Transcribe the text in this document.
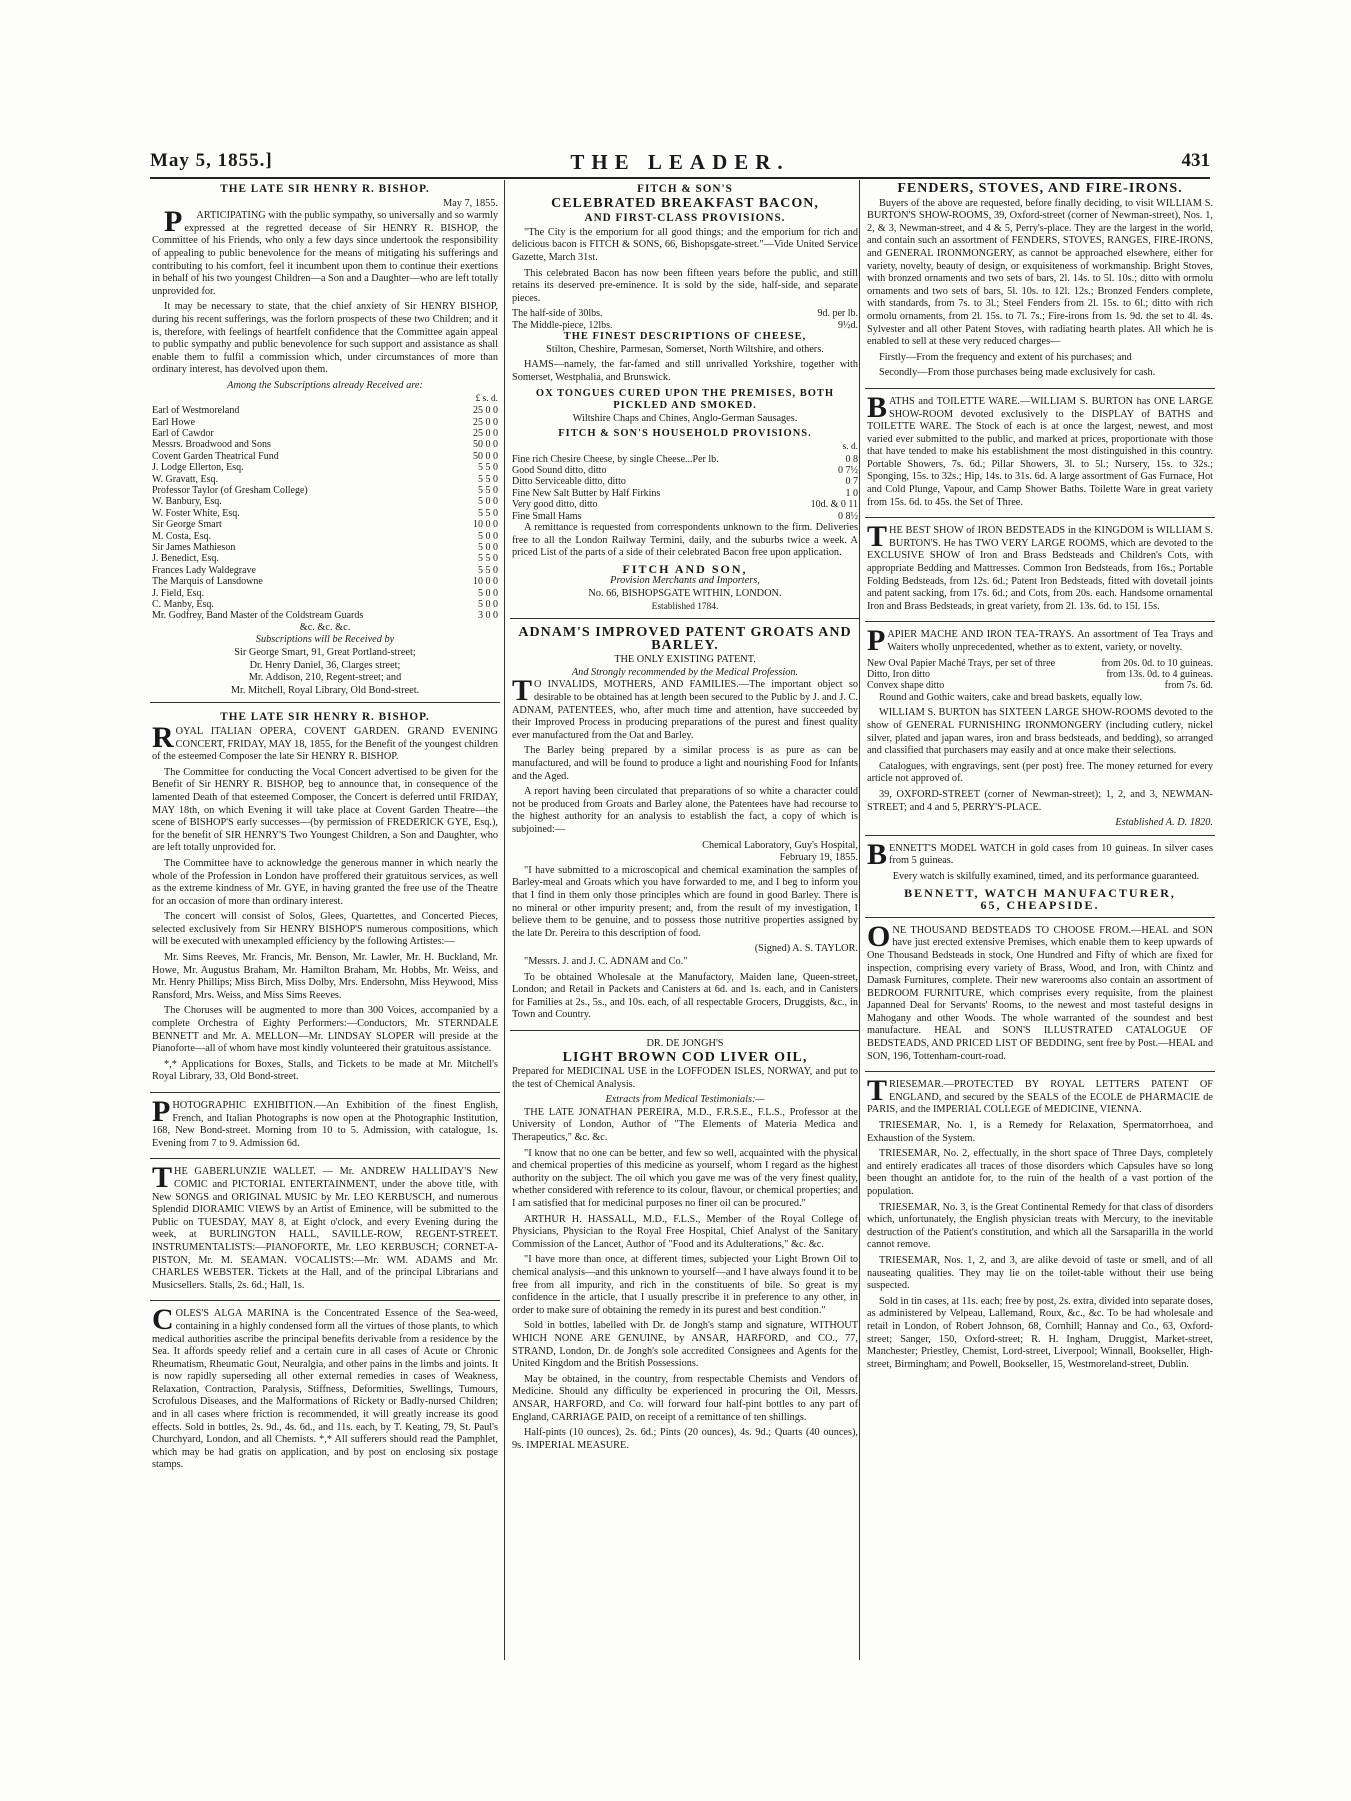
May 5, 1855.]	THE LEADER.	431
THE LATE SIR HENRY R. BISHOP.
May 7, 1855.

PARTICIPATING with the public sympathy, so universally and so warmly expressed at the regretted decease of Sir HENRY R. BISHOP, the Committee of his Friends, who only a few days since undertook the responsibility of appealing to public benevolence for the means of mitigating his sufferings and contributing to his comfort, feel it incumbent upon them to continue their exertions in behalf of his two youngest Children—a Son and a Daughter—who are left totally unprovided for.

It may be necessary to state, that the chief anxiety of Sir HENRY BISHOP, during his recent sufferings, was the forlorn prospects of these two Children; and it is, therefore, with feelings of heartfelt confidence that the Committee again appeal to public sympathy and public benevolence for such support and assistance as shall enable them to fulfil a commission which, under circumstances of more than ordinary interest, has devolved upon them.

Among the Subscriptions already Received are:
£ s. d.
Earl of Westmoreland	25 0 0
Earl Howe	25 0 0
Earl of Cawdor	25 0 0
Messrs. Broadwood and Sons	50 0 0
Covent Garden Theatrical Fund	50 0 0
J. Lodge Ellerton, Esq.	5 5 0
W. Gravatt, Esq.	5 5 0
Professor Taylor (of Gresham College)	5 5 0
W. Banbury, Esq.	5 0 0
W. Foster White, Esq.	5 5 0
Sir George Smart	10 0 0
M. Costa, Esq.	5 0 0
Sir James Mathieson	5 0 0
J. Benedict, Esq.	5 5 0
Frances Lady Waldegrave	5 5 0
The Marquis of Lansdowne	10 0 0
J. Field, Esq.	5 0 0
C. Manby, Esq.	5 0 0
Mr. Godfrey, Band Master of the Coldstream Guards	3 0 0
&c. &c. &c.
Subscriptions will be Received by
Sir George Smart, 91, Great Portland-street;
Dr. Henry Daniel, 36, Clarges street;
Mr. Addison, 210, Regent-street; and
Mr. Mitchell, Royal Library, Old Bond-street.
THE LATE SIR HENRY R. BISHOP.

ROYAL ITALIAN OPERA, COVENT GARDEN. GRAND EVENING CONCERT, FRIDAY, MAY 18, 1855, for the Benefit of the youngest children of the esteemed Composer the late Sir HENRY R. BISHOP.

The Committee for conducting the Vocal Concert advertised to be given for the Benefit of Sir HENRY R. BISHOP, beg to announce that, in consequence of the lamented Death of that esteemed Composer, the Concert is deferred until FRIDAY, MAY 18th, on which Evening it will take place at Covent Garden Theatre—the scene of BISHOP'S early successes—(by permission of FREDERICK GYE, Esq.), for the benefit of SIR HENRY'S Two Youngest Children, a Son and Daughter, who are left totally unprovided for.

The Committee have to acknowledge the generous manner in which nearly the whole of the Profession in London have proffered their gratuitous services, as well as the extreme kindness of Mr. GYE, in having granted the free use of the Theatre for an occasion of more than ordinary interest.

The concert will consist of Solos, Glees, Quartettes, and Concerted Pieces, selected exclusively from Sir HENRY BISHOP'S numerous compositions, which will be executed with unexampled efficiency by the following Artistes:—

Mr. Sims Reeves, Mr. Francis, Mr. Benson, Mr. Lawler, Mr. H. Buckland, Mr. Howe, Mr. Augustus Braham, Mr. Hamilton Braham, Mr. Hobbs, Mr. Weiss, and Mr. Henry Phillips; Miss Birch, Miss Dolby, Mrs. Endersohn, Miss Heywood, Miss Ransford, Mrs. Weiss, and Miss Sims Reeves.

The Choruses will be augmented to more than 300 Voices, accompanied by a complete Orchestra of Eighty Performers:—Conductors, Mr. STERNDALE BENNETT and Mr. A. MELLON—Mr. LINDSAY SLOPER will preside at the Pianoforte—all of whom have most kindly volunteered their gratuitous assistance.

*,* Applications for Boxes, Stalls, and Tickets to be made at Mr. Mitchell's Royal Library, 33, Old Bond-street.

PHOTOGRAPHIC EXHIBITION.—An Exhibition of the finest English, French, and Italian Photographs is now open at the Photographic Institution, 168, New Bond-street. Morning from 10 to 5. Admission, with catalogue, 1s. Evening from 7 to 9. Admission 6d.

THE GABERLUNZIE WALLET. — Mr. ANDREW HALLIDAY'S New COMIC and PICTORIAL ENTERTAINMENT, under the above title, with New SONGS and ORIGINAL MUSIC by Mr. LEO KERBUSCH, and numerous Splendid DIORAMIC VIEWS by an Artist of Eminence, will be submitted to the Public on TUESDAY, MAY 8, at Eight o'clock, and every Evening during the week, at BURLINGTON HALL, SAVILLE-ROW, REGENT-STREET. INSTRUMENTALISTS:—PIANOFORTE, Mr. LEO KERBUSCH; CORNET-A-PISTON, Mr. M. SEAMAN. VOCALISTS:—Mr. WM. ADAMS and Mr. CHARLES WEBSTER. Tickets at the Hall, and of the principal Librarians and Musicsellers. Stalls, 2s. 6d.; Hall, 1s.

COLES'S ALGA MARINA is the Concentrated Essence of the Sea-weed, containing in a highly condensed form all the virtues of those plants, to which medical authorities ascribe the principal benefits derivable from a residence by the Sea. It affords speedy relief and a certain cure in all cases of Acute or Chronic Rheumatism, Rheumatic Gout, Neuralgia, and other pains in the limbs and joints. It is now rapidly superseding all other external remedies in cases of Weakness, Relaxation, Contraction, Paralysis, Stiffness, Deformities, Swellings, Tumours, Scrofulous Diseases, and the Malformations of Rickety or Badly-nursed Children; and in all cases where friction is recommended, it will greatly increase its good effects. Sold in bottles, 2s. 9d., 4s. 6d., and 11s. each, by T. Keating, 79, St. Paul's Churchyard, London, and all Chemists. *,* All sufferers should read the Pamphlet, which may be had gratis on application, and by post on enclosing six postage stamps.

FITCH & SON'S
CELEBRATED BREAKFAST BACON,
AND FIRST-CLASS PROVISIONS.

"The City is the emporium for all good things; and the emporium for rich and delicious bacon is FITCH & SONS, 66, Bishopsgate-street."—Vide United Service Gazette, March 31st.

This celebrated Bacon has now been fifteen years before the public, and still retains its deserved pre-eminence. It is sold by the side, half-side, and separate pieces.

The half-side of 30lbs.	9d. per lb.
The Middle-piece, 12lbs.	9½d.
THE FINEST DESCRIPTIONS OF CHEESE,

Stilton, Cheshire, Parmesan, Somerset, North Wiltshire, and others.

HAMS—namely, the far-famed and still unrivalled Yorkshire, together with Somerset, Westphalia, and Brunswick.

OX TONGUES CURED UPON THE PREMISES, BOTH PICKLED AND SMOKED.

Wiltshire Chaps and Chines, Anglo-German Sausages.

FITCH & SON'S HOUSEHOLD PROVISIONS.
s. d.
Fine rich Chesire Cheese, by single Cheese...Per lb.	0 8
Good Sound ditto, ditto	0 7½
Ditto Serviceable ditto, ditto	0 7
Fine New Salt Butter by Half Firkins	1 0
Very good ditto, ditto	10d. & 0 11
Fine Small Hams	0 8½

A remittance is requested from correspondents unknown to the firm. Deliveries free to all the London Railway Termini, daily, and the suburbs twice a week. A priced List of the parts of a side of their celebrated Bacon free upon application.

FITCH AND SON,
Provision Merchants and Importers,
No. 66, BISHOPSGATE WITHIN, LONDON.
Established 1784.
ADNAM'S IMPROVED PATENT GROATS AND BARLEY.
THE ONLY EXISTING PATENT.
And Strongly recommended by the Medical Profession.

TO INVALIDS, MOTHERS, AND FAMILIES.—The important object so desirable to be obtained has at length been secured to the Public by J. and J. C. ADNAM, PATENTEES, who, after much time and attention, have succeeded by their Improved Process in producing preparations of the purest and finest quality ever manufactured from the Oat and Barley.

The Barley being prepared by a similar process is as pure as can be manufactured, and will be found to produce a light and nourishing Food for Infants and the Aged.

A report having been circulated that preparations of so white a character could not be produced from Groats and Barley alone, the Patentees have had recourse to the highest authority for an analysis to establish the fact, a copy of which is subjoined:—

Chemical Laboratory, Guy's Hospital,
February 19, 1855.

"I have submitted to a microscopical and chemical examination the samples of Barley-meal and Groats which you have forwarded to me, and I beg to inform you that I find in them only those principles which are found in good Barley. There is no mineral or other impurity present; and, from the result of my investigation, I believe them to be genuine, and to possess those nutritive properties assigned by the late Dr. Pereira to this description of food.

(Signed) A. S. TAYLOR.

"Messrs. J. and J. C. ADNAM and Co."

To be obtained Wholesale at the Manufactory, Maiden lane, Queen-street, London; and Retail in Packets and Canisters at 6d. and 1s. each, and in Canisters for Families at 2s., 5s., and 10s. each, of all respectable Grocers, Druggists, &c., in Town and Country.

DR. DE JONGH'S
LIGHT BROWN COD LIVER OIL,

Prepared for MEDICINAL USE in the LOFFODEN ISLES, NORWAY, and put to the test of Chemical Analysis.

Extracts from Medical Testimonials:—

THE LATE JONATHAN PEREIRA, M.D., F.R.S.E., F.L.S., Professor at the University of London, Author of "The Elements of Materia Medica and Therapeutics," &c. &c.

"I know that no one can be better, and few so well, acquainted with the physical and chemical properties of this medicine as yourself, whom I regard as the highest authority on the subject. The oil which you gave me was of the very finest quality, whether considered with reference to its colour, flavour, or chemical properties; and I am satisfied that for medicinal purposes no finer oil can be procured."

ARTHUR H. HASSALL, M.D., F.L.S., Member of the Royal College of Physicians, Physician to the Royal Free Hospital, Chief Analyst of the Sanitary Commission of the Lancet, Author of "Food and its Adulterations," &c. &c.

"I have more than once, at different times, subjected your Light Brown Oil to chemical analysis—and this unknown to yourself—and I have always found it to be free from all impurity, and rich in the constituents of bile. So great is my confidence in the article, that I usually prescribe it in preference to any other, in order to make sure of obtaining the remedy in its purest and best condition."

Sold in bottles, labelled with Dr. de Jongh's stamp and signature, WITHOUT WHICH NONE ARE GENUINE, by ANSAR, HARFORD, and CO., 77, STRAND, London, Dr. de Jongh's sole accredited Consignees and Agents for the United Kingdom and the British Possessions.

May be obtained, in the country, from respectable Chemists and Vendors of Medicine. Should any difficulty be experienced in procuring the Oil, Messrs. ANSAR, HARFORD, and Co. will forward four half-pint bottles to any part of England, CARRIAGE PAID, on receipt of a remittance of ten shillings.

Half-pints (10 ounces), 2s. 6d.; Pints (20 ounces), 4s. 9d.; Quarts (40 ounces), 9s. IMPERIAL MEASURE.

FENDERS, STOVES, AND FIRE-IRONS.

Buyers of the above are requested, before finally deciding, to visit WILLIAM S. BURTON'S SHOW-ROOMS, 39, Oxford-street (corner of Newman-street), Nos. 1, 2, & 3, Newman-street, and 4 & 5, Perry's-place. They are the largest in the world, and contain such an assortment of FENDERS, STOVES, RANGES, FIRE-IRONS, and GENERAL IRONMONGERY, as cannot be approached elsewhere, either for variety, novelty, beauty of design, or exquisiteness of workmanship. Bright Stoves, with bronzed ornaments and two sets of bars, 2l. 14s. to 5l. 10s.; ditto with ormolu ornaments and two sets of bars, 5l. 10s. to 12l. 12s.; Bronzed Fenders complete, with standards, from 7s. to 3l.; Steel Fenders from 2l. 15s. to 6l.; ditto with rich ormolu ornaments, from 2l. 15s. to 7l. 7s.; Fire-irons from 1s. 9d. the set to 4l. 4s. Sylvester and all other Patent Stoves, with radiating hearth plates. All which he is enabled to sell at these very reduced charges—

Firstly—From the frequency and extent of his purchases; and

Secondly—From those purchases being made exclusively for cash.

BATHS and TOILETTE WARE.—WILLIAM S. BURTON has ONE LARGE SHOW-ROOM devoted exclusively to the DISPLAY of BATHS and TOILETTE WARE. The Stock of each is at once the largest, newest, and most varied ever submitted to the public, and marked at prices, proportionate with those that have tended to make his establishment the most distinguished in this country. Portable Showers, 7s. 6d.; Pillar Showers, 3l. to 5l.; Nursery, 15s. to 32s.; Sponging, 15s. to 32s.; Hip, 14s. to 31s. 6d. A large assortment of Gas Furnace, Hot and Cold Plunge, Vapour, and Camp Shower Baths. Toilette Ware in great variety from 15s. 6d. to 45s. the Set of Three.

THE BEST SHOW of IRON BEDSTEADS in the KINGDOM is WILLIAM S. BURTON'S. He has TWO VERY LARGE ROOMS, which are devoted to the EXCLUSIVE SHOW of Iron and Brass Bedsteads and Children's Cots, with appropriate Bedding and Mattresses. Common Iron Bedsteads, from 16s.; Portable Folding Bedsteads, from 12s. 6d.; Patent Iron Bedsteads, fitted with dovetail joints and patent sacking, from 17s. 6d.; and Cots, from 20s. each. Handsome ornamental Iron and Brass Bedsteads, in great variety, from 2l. 13s. 6d. to 15l. 15s.

PAPIER MACHE AND IRON TEA-TRAYS. An assortment of Tea Trays and Waiters wholly unprecedented, whether as to extent, variety, or novelty.

New Oval Papier Maché Trays, per set of three	from 20s. 0d. to 10 guineas.
Ditto, Iron ditto	from 13s. 0d. to 4 guineas.
Convex shape ditto	from 7s. 6d.

Round and Gothic waiters, cake and bread baskets, equally low.

WILLIAM S. BURTON has SIXTEEN LARGE SHOW-ROOMS devoted to the show of GENERAL FURNISHING IRONMONGERY (including cutlery, nickel silver, plated and japan wares, iron and brass bedsteads, and bedding), so arranged and classified that purchasers may easily and at once make their selections.

Catalogues, with engravings, sent (per post) free. The money returned for every article not approved of.

39, OXFORD-STREET (corner of Newman-street); 1, 2, and 3, NEWMAN-STREET; and 4 and 5, PERRY'S-PLACE.

Established A. D. 1820.

BENNETT'S MODEL WATCH in gold cases from 10 guineas. In silver cases from 5 guineas.

Every watch is skilfully examined, timed, and its performance guaranteed.

BENNETT, WATCH MANUFACTURER,
65, CHEAPSIDE.

ONE THOUSAND BEDSTEADS TO CHOOSE FROM.—HEAL and SON have just erected extensive Premises, which enable them to keep upwards of One Thousand Bedsteads in stock, One Hundred and Fifty of which are fixed for inspection, comprising every variety of Brass, Wood, and Iron, with Chintz and Damask Furnitures, complete. Their new warerooms also contain an assortment of BEDROOM FURNITURE, which comprises every requisite, from the plainest Japanned Deal for Servants' Rooms, to the newest and most tasteful designs in Mahogany and other Woods. The whole warranted of the soundest and best manufacture. HEAL and SON'S ILLUSTRATED CATALOGUE OF BEDSTEADS, AND PRICED LIST OF BEDDING, sent free by Post.—HEAL and SON, 196, Tottenham-court-road.

TRIESEMAR.—PROTECTED BY ROYAL LETTERS PATENT OF ENGLAND, and secured by the SEALS of the ECOLE de PHARMACIE de PARIS, and the IMPERIAL COLLEGE of MEDICINE, VIENNA.

TRIESEMAR, No. 1, is a Remedy for Relaxation, Spermatorrhoea, and Exhaustion of the System.

TRIESEMAR, No. 2, effectually, in the short space of Three Days, completely and entirely eradicates all traces of those disorders which Capsules have so long been thought an antidote for, to the ruin of the health of a vast portion of the population.

TRIESEMAR, No. 3, is the Great Continental Remedy for that class of disorders which, unfortunately, the English physician treats with Mercury, to the inevitable destruction of the Patient's constitution, and which all the Sarsaparilla in the world cannot remove.

TRIESEMAR, Nos. 1, 2, and 3, are alike devoid of taste or smell, and of all nauseating qualities. They may lie on the toilet-table without their use being suspected.

Sold in tin cases, at 11s. each; free by post, 2s. extra, divided into separate doses, as administered by Velpeau, Lallemand, Roux, &c., &c. To be had wholesale and retail in London, of Robert Johnson, 68, Cornhill; Hannay and Co., 63, Oxford-street; Sanger, 150, Oxford-street; R. H. Ingham, Druggist, Market-street, Manchester; Priestley, Chemist, Lord-street, Liverpool; Winnall, Bookseller, High-street, Birmingham; and Powell, Bookseller, 15, Westmoreland-street, Dublin.
